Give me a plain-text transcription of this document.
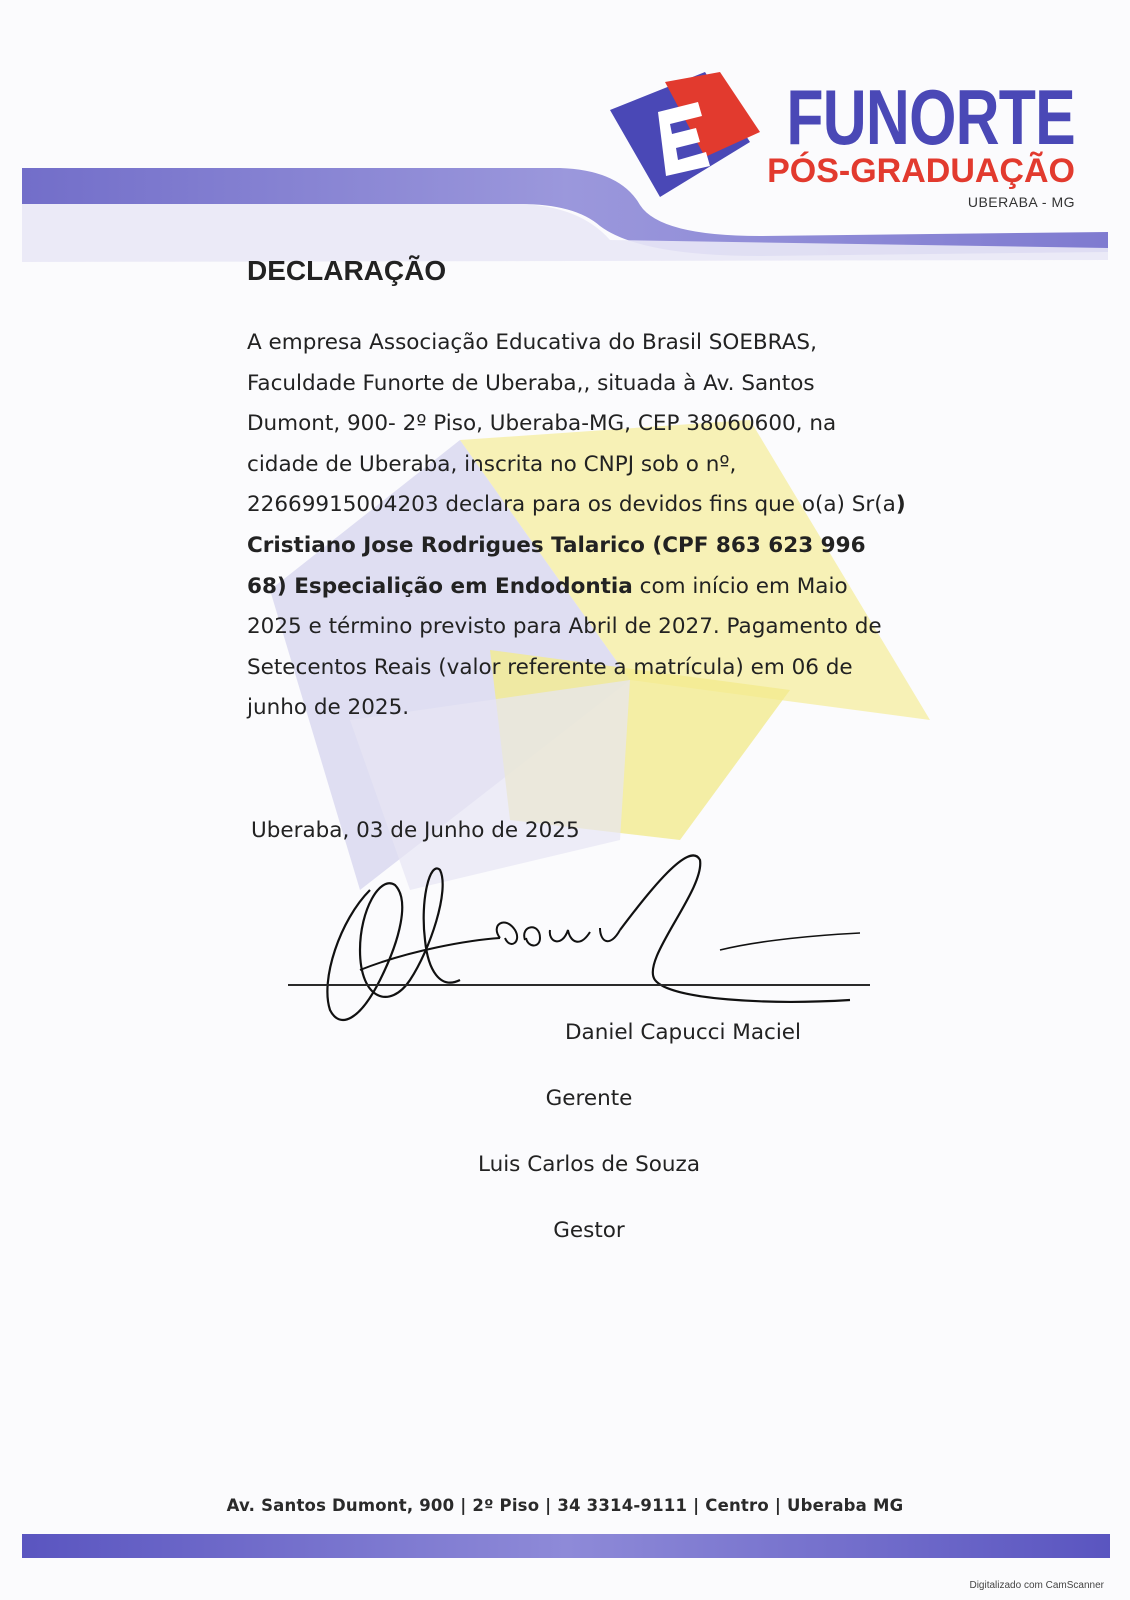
FUNORTE
PÓS-GRADUAÇÃO
UBERABA - MG
DECLARAÇÃO

A empresa Associação Educativa do Brasil SOEBRAS, Faculdade Funorte de Uberaba,, situada à Av. Santos Dumont, 900- 2º Piso, Uberaba-MG, CEP 38060600, na cidade de Uberaba, inscrita no CNPJ sob o nº, 22669915004203 declara para os devidos fins que o(a) Sr(a) Cristiano Jose Rodrigues Talarico (CPF 863 623 996 68) Especialição em Endodontia com início em Maio 2025 e término previsto para Abril de 2027. Pagamento de Setecentos Reais (valor referente a matrícula) em 06 de junho de 2025.

Uberaba, 03 de Junho de 2025

Daniel Capucci Maciel

Gerente

Luis Carlos de Souza

Gestor

Av. Santos Dumont, 900 | 2º Piso | 34 3314-9111 | Centro | Uberaba MG

Digitalizado com CamScanner
